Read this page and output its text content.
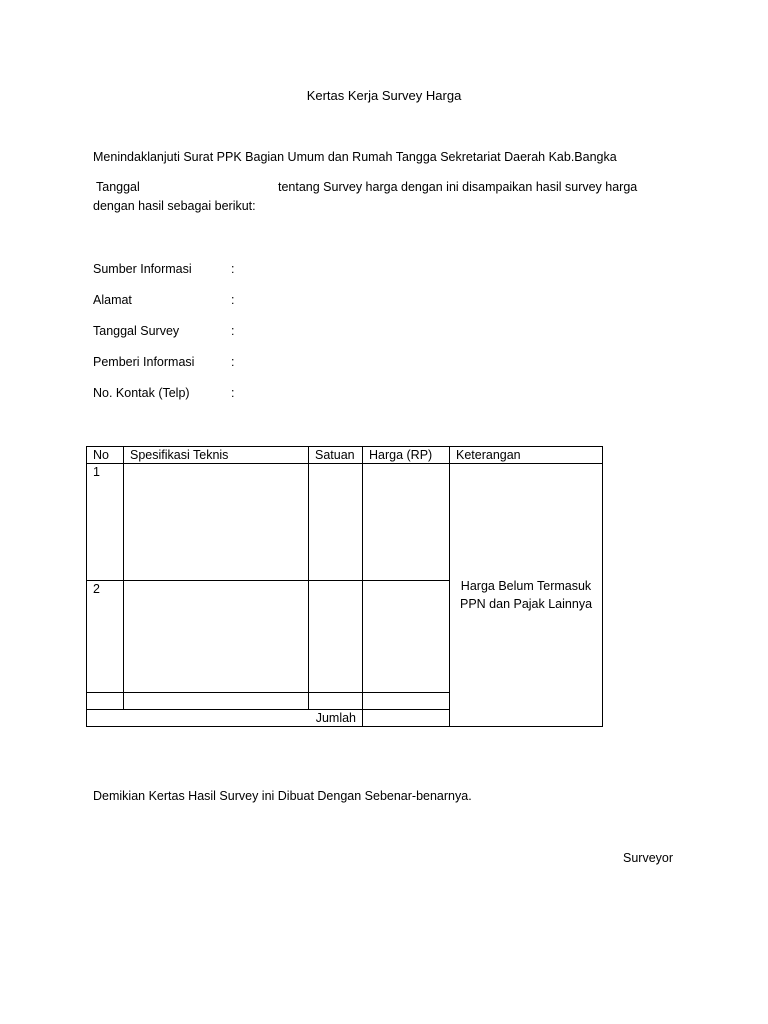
Kertas Kerja Survey Harga
Menindaklanjuti Surat PPK Bagian Umum dan Rumah Tangga Sekretariat Daerah Kab.Bangka
Tanggal	tentang Survey harga dengan ini disampaikan hasil survey harga
dengan hasil sebagai berikut:
Sumber Informasi	:
Alamat	:
Tanggal Survey	:
Pemberi Informasi	:
No. Kontak (Telp)	:
No	Spesifikasi Teknis	Satuan	Harga (RP)	Keterangan
1				Harga Belum Termasuk PPN dan Pajak Lainnya
2				

Jumlah				
Demikian Kertas Hasil Survey ini Dibuat Dengan Sebenar-benarnya.
Surveyor
